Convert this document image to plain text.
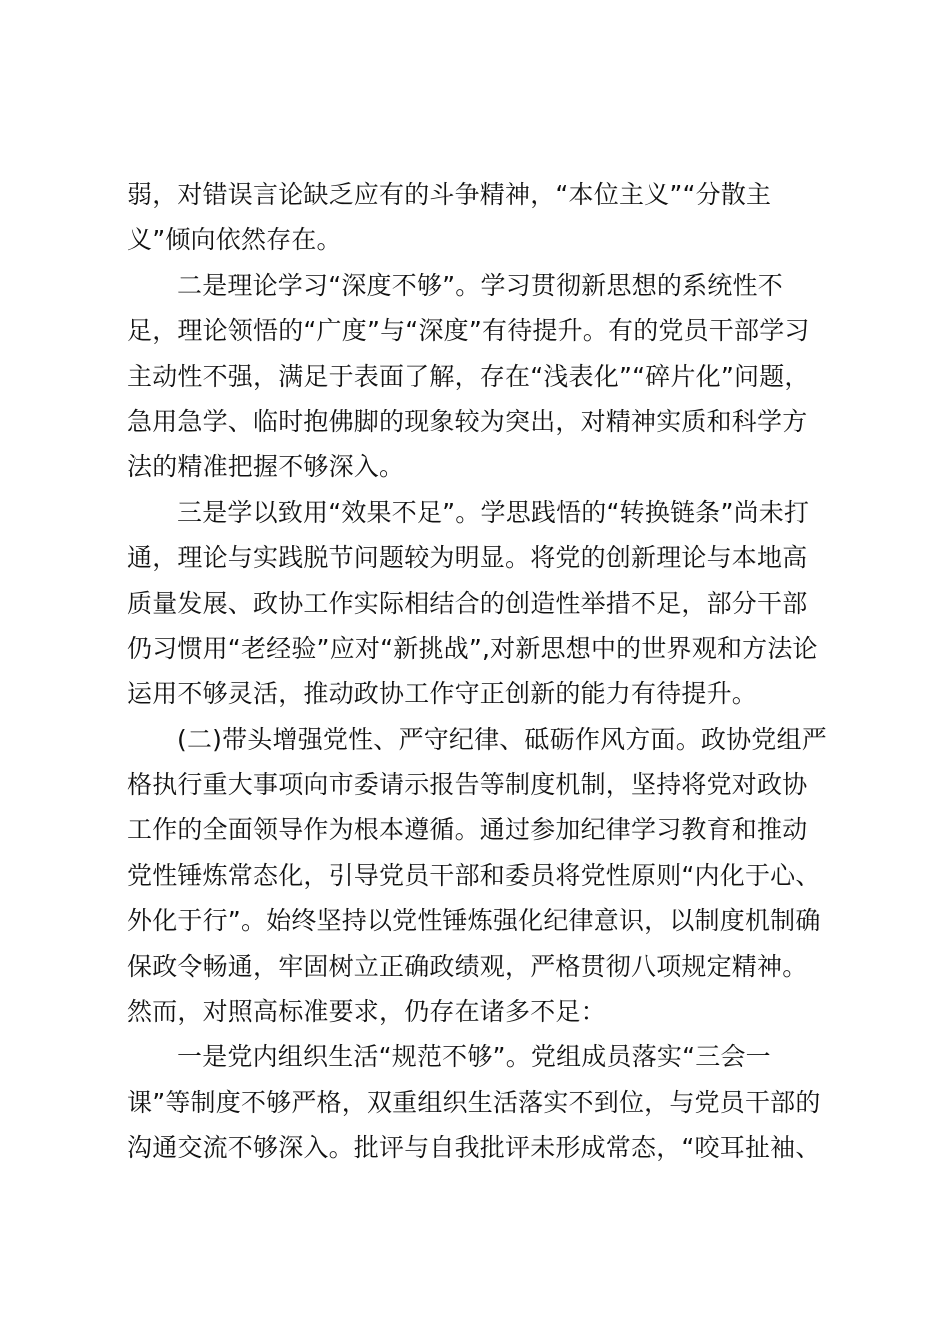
弱，对错误言论缺乏应有的斗争精神，“本位主义”“分散主
义”倾向依然存在。
二是理论学习“深度不够”。学习贯彻新思想的系统性不
足，理论领悟的“广度”与“深度”有待提升。有的党员干部学习
主动性不强，满足于表面了解，存在“浅表化”“碎片化”问题，
急用急学、临时抱佛脚的现象较为突出，对精神实质和科学方
法的精准把握不够深入。
三是学以致用“效果不足”。学思践悟的“转换链条”尚未打
通，理论与实践脱节问题较为明显。将党的创新理论与本地高
质量发展、政协工作实际相结合的创造性举措不足，部分干部
仍习惯用“老经验”应对“新挑战”,对新思想中的世界观和方法论
运用不够灵活，推动政协工作守正创新的能力有待提升。
(二)带头增强党性、严守纪律、砥砺作风方面。政协党组严
格执行重大事项向市委请示报告等制度机制，坚持将党对政协
工作的全面领导作为根本遵循。通过参加纪律学习教育和推动
党性锤炼常态化，引导党员干部和委员将党性原则“内化于心、
外化于行”。始终坚持以党性锤炼强化纪律意识，以制度机制确
保政令畅通，牢固树立正确政绩观，严格贯彻八项规定精神。
然而，对照高标准要求，仍存在诸多不足：
一是党内组织生活“规范不够”。党组成员落实“三会一
课”等制度不够严格，双重组织生活落实不到位，与党员干部的
沟通交流不够深入。批评与自我批评未形成常态，“咬耳扯袖、
